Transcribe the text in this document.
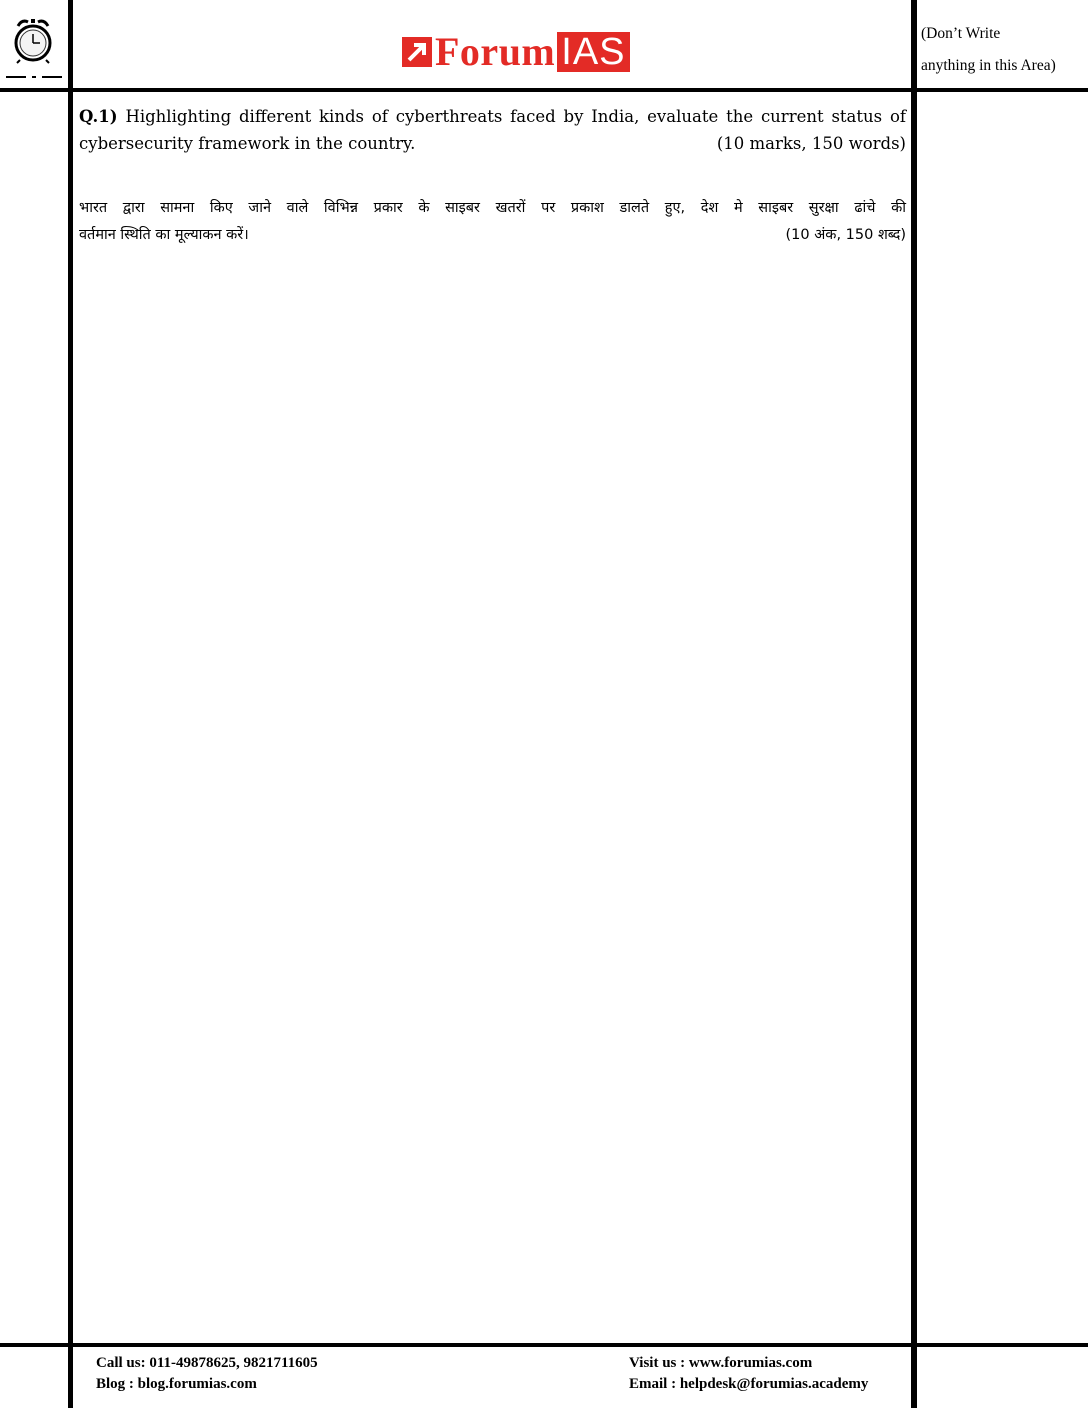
Forum IAS	(Don’t Write
anything in this Area)
Q.1) Highlighting different kinds of cyberthreats faced by India, evaluate the current status of
cybersecurity framework in the country.	(10 marks, 150 words)
भारत द्वारा सामना किए जाने वाले विभिन्न प्रकार के साइबर खतरों पर प्रकाश डालते हुए, देश मे साइबर सुरक्षा ढांचे की
वर्तमान स्थिति का मूल्याकन करें।	(10 अंक, 150 शब्द)
Call us: 011-49878625, 9821711605
Blog : blog.forumias.com
Visit us : www.forumias.com
Email : helpdesk@forumias.academy
